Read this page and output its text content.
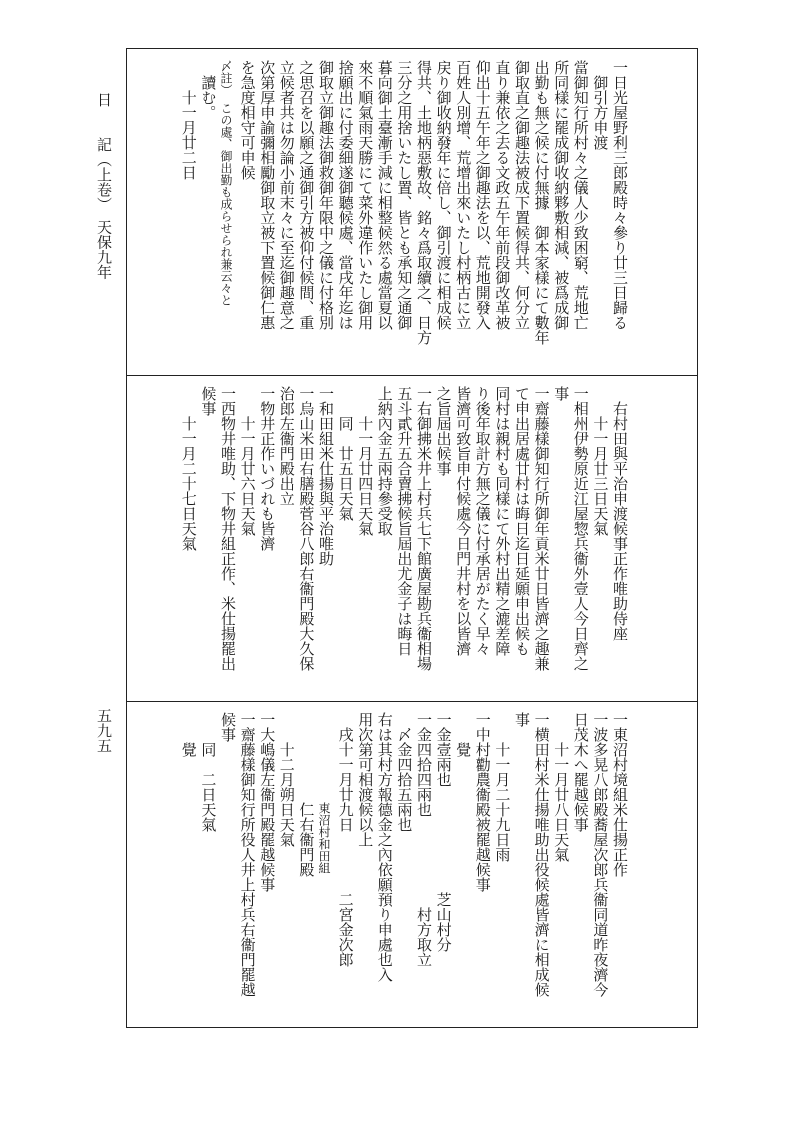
日　　記（上卷）　天保九年
五九五
一日光屋野利三郎殿時々參り廿三日歸る
御引方申渡
當御知行所村々之儀人少致困窮、荒地亡
所同樣に罷成御收納夥敷相減、被爲成御
出勤も無之候に付無據　御本家樣にて數年
御取直之御趣法被成下置候得共、何分立
直り兼依之去る文政五午年前段御改革被
仰出十五午年之御趣法を以、荒地開發入
百姓人別增、荒增出來いたし村柄古に立
戻り御收納發年に倍し、御引渡に相成候
得共、土地柄惡敷故、銘々爲取續之、日方
三分之用捨いたし置、皆とも承知之通御
暮向御土臺漸手減に相整候然る處當夏以
來不順氣雨天勝にて菜外違作いたし御用
捨願出に付委細遂御聽候處、當戌年迄は
御取立御趣法御救御年限中之儀に付格別
之思召を以願之通御引方被仰付候間、重
立候者共は勿論小前末々に至迄御趣意之
次第厚申諭彌相勵御取立被下置候御仁惠
を急度相守可申候
〆註）　この處、御出勤も成らせられ兼云々と
讀む。
十一月廿二日
右村田與平治申渡候事正作唯助侍座
十一月廿三日天氣
一相州伊勢原近江屋惣兵衞外壹人今日齊之
事
一齋藤樣御知行所御年貢米廿日皆濟之趣兼
て申出居處廿村は晦日迄日延願申出候も
同村は親村も同樣にて外村出精之漉差障
り後年取計方無之儀に付承居がたく早々
皆濟可致旨申付候處今日門井村を以皆濟
之旨屆出候事
一右御拂米井上村兵七下館廣屋勘兵衞相場
五斗貳升五合賣拂候旨屆出尤金子は晦日
上納內金五兩持參受取
十一月廿四日天氣
同　廿五日天氣
一和田組米仕揚與平治唯助
一烏山米田右膳殿菅谷八郎右衞門殿大久保
治郎左衞門殿出立
一物井正作いづれも皆濟
十一月廿六日天氣
一西物井唯助、下物井組正作、米仕揚罷出
候事
十一月二十七日天氣
一東沼村境組米仕揚正作
一波多晃八郎殿蕎屋次郎兵衞同道昨夜濟今
日茂木へ罷越候事
十一月廿八日天氣
一横田村米仕揚唯助出役候處皆濟に相成候
事
十一月二十九日雨
一中村勸農衞殿被罷越候事
覺
一金壹兩也　　　　　　　芝山村分
一金四拾四兩也　　　　　　村方取立
〆金四拾五兩也
右は其村方報德金之內依願預り申處也入
用次第可相渡候以上
戌十一月廿九日　　　　二宮金次郎
東沼村和田組
仁右衞門殿
十二月朔日天氣
一大嶋儀左衞門殿罷越候事
一齋藤樣御知行所役人井上村兵右衞門罷越
候事
同　二日天氣
覺
